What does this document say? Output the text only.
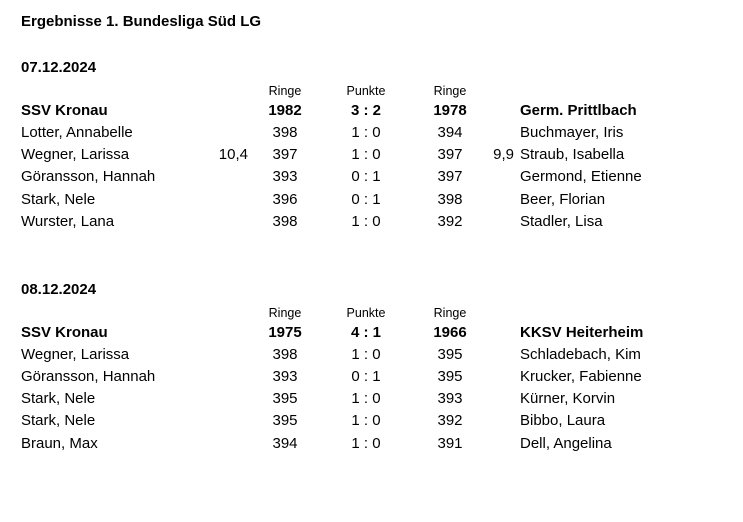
Ergebnisse 1. Bundesliga Süd LG
07.12.2024
Ringe	Punkte	Ringe
SSV Kronau	1982	3 : 2	1978	Germ. Prittlbach
Lotter, Annabelle	398	1 : 0	394	Buchmayer, Iris
Wegner, Larissa	10,4	397	1 : 0	397	9,9 Straub, Isabella
Göransson, Hannah	393	0 : 1	397	Germond, Etienne
Stark, Nele	396	0 : 1	398	Beer, Florian
Wurster, Lana	398	1 : 0	392	Stadler, Lisa
08.12.2024
Ringe	Punkte	Ringe
SSV Kronau	1975	4 : 1	1966	KKSV Heiterheim
Wegner, Larissa	398	1 : 0	395	Schladebach, Kim
Göransson, Hannah	393	0 : 1	395	Krucker, Fabienne
Stark, Nele	395	1 : 0	393	Kürner, Korvin
Stark, Nele	395	1 : 0	392	Bibbo, Laura
Braun, Max	394	1 : 0	391	Dell, Angelina
